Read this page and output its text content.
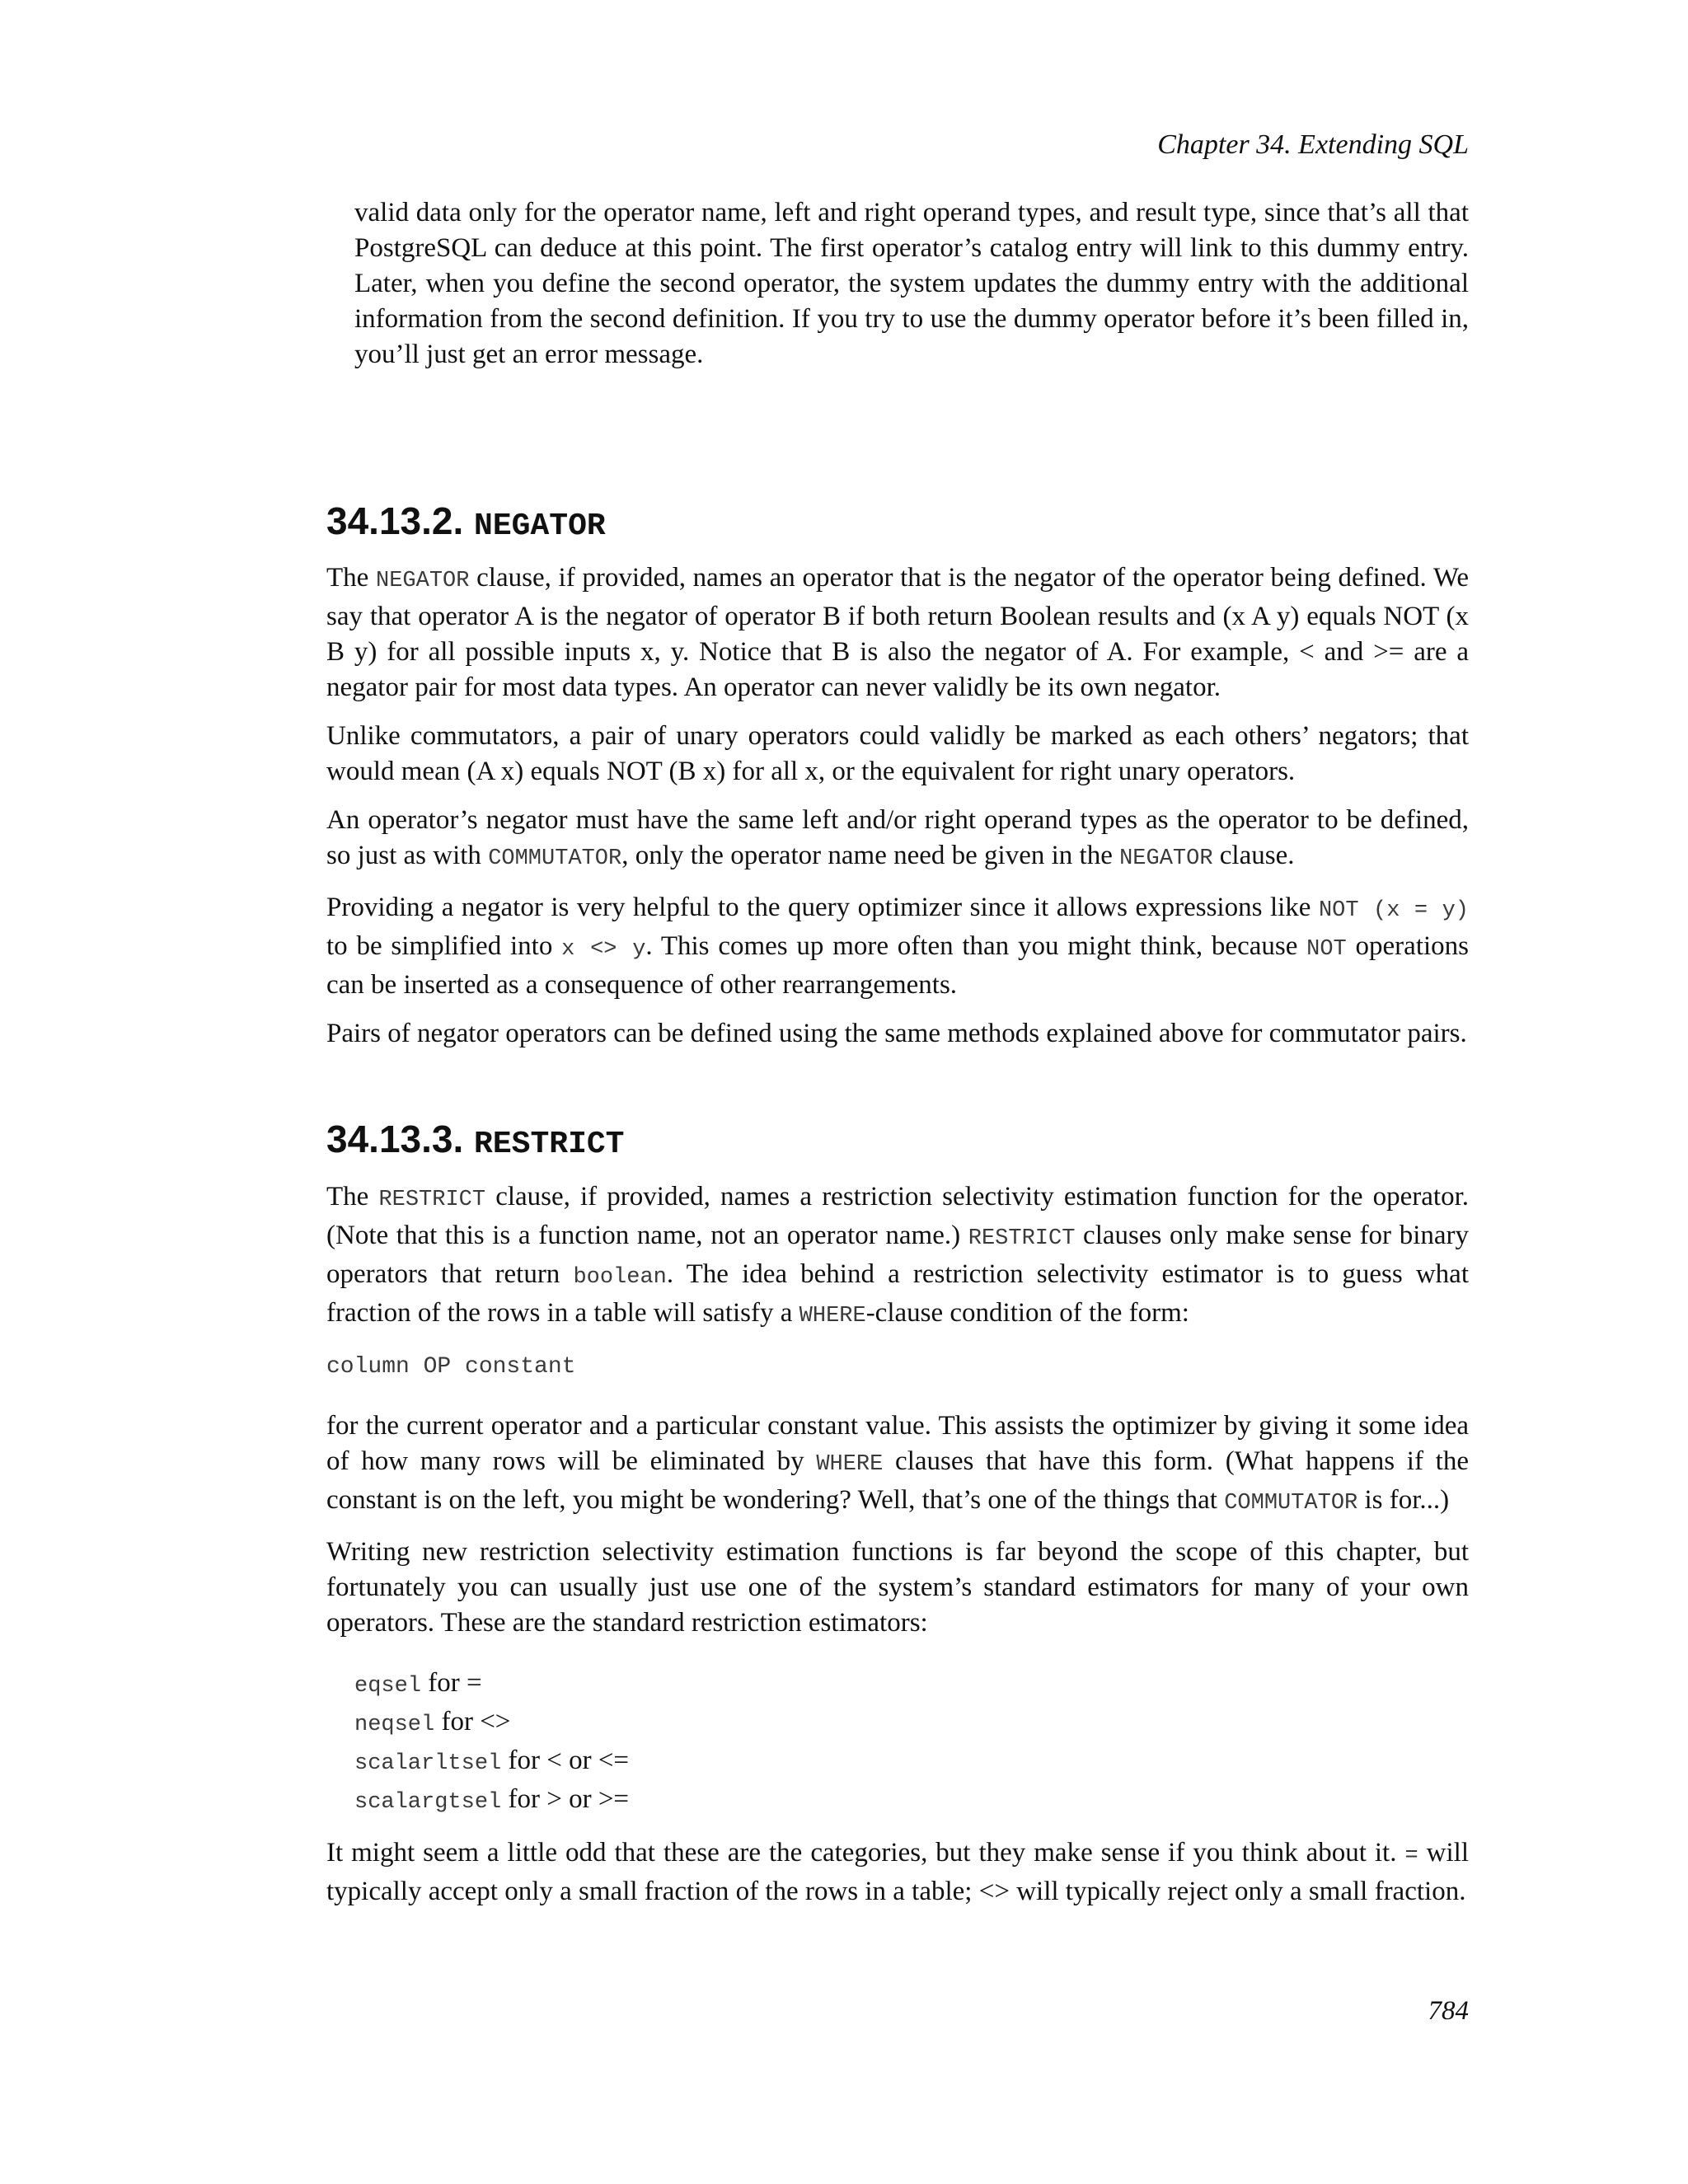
Chapter 34. Extending SQL

valid data only for the operator name, left and right operand types, and result type, since that’s all that PostgreSQL can deduce at this point. The first operator’s catalog entry will link to this dummy entry. Later, when you define the second operator, the system updates the dummy entry with the additional information from the second definition. If you try to use the dummy operator before it’s been filled in, you’ll just get an error message.

34.13.2. NEGATOR

The NEGATOR clause, if provided, names an operator that is the negator of the operator being defined. We say that operator A is the negator of operator B if both return Boolean results and (x A y) equals NOT (x B y) for all possible inputs x, y. Notice that B is also the negator of A. For example, < and >= are a negator pair for most data types. An operator can never validly be its own negator.

Unlike commutators, a pair of unary operators could validly be marked as each others’ negators; that would mean (A x) equals NOT (B x) for all x, or the equivalent for right unary operators.

An operator’s negator must have the same left and/or right operand types as the operator to be defined, so just as with COMMUTATOR, only the operator name need be given in the NEGATOR clause.

Providing a negator is very helpful to the query optimizer since it allows expressions like NOT (x = y) to be simplified into x <> y. This comes up more often than you might think, because NOT operations can be inserted as a consequence of other rearrangements.

Pairs of negator operators can be defined using the same methods explained above for commutator pairs.

34.13.3. RESTRICT

The RESTRICT clause, if provided, names a restriction selectivity estimation function for the operator. (Note that this is a function name, not an operator name.) RESTRICT clauses only make sense for binary operators that return boolean. The idea behind a restriction selectivity estimator is to guess what fraction of the rows in a table will satisfy a WHERE-clause condition of the form:

column OP constant

for the current operator and a particular constant value. This assists the optimizer by giving it some idea of how many rows will be eliminated by WHERE clauses that have this form. (What happens if the constant is on the left, you might be wondering? Well, that’s one of the things that COMMUTATOR is for...)

Writing new restriction selectivity estimation functions is far beyond the scope of this chapter, but fortunately you can usually just use one of the system’s standard estimators for many of your own operators. These are the standard restriction estimators:

eqsel for =
neqsel for <>
scalarltsel for < or <=
scalargtsel for > or >=

It might seem a little odd that these are the categories, but they make sense if you think about it. = will typically accept only a small fraction of the rows in a table; <> will typically reject only a small fraction.

784
